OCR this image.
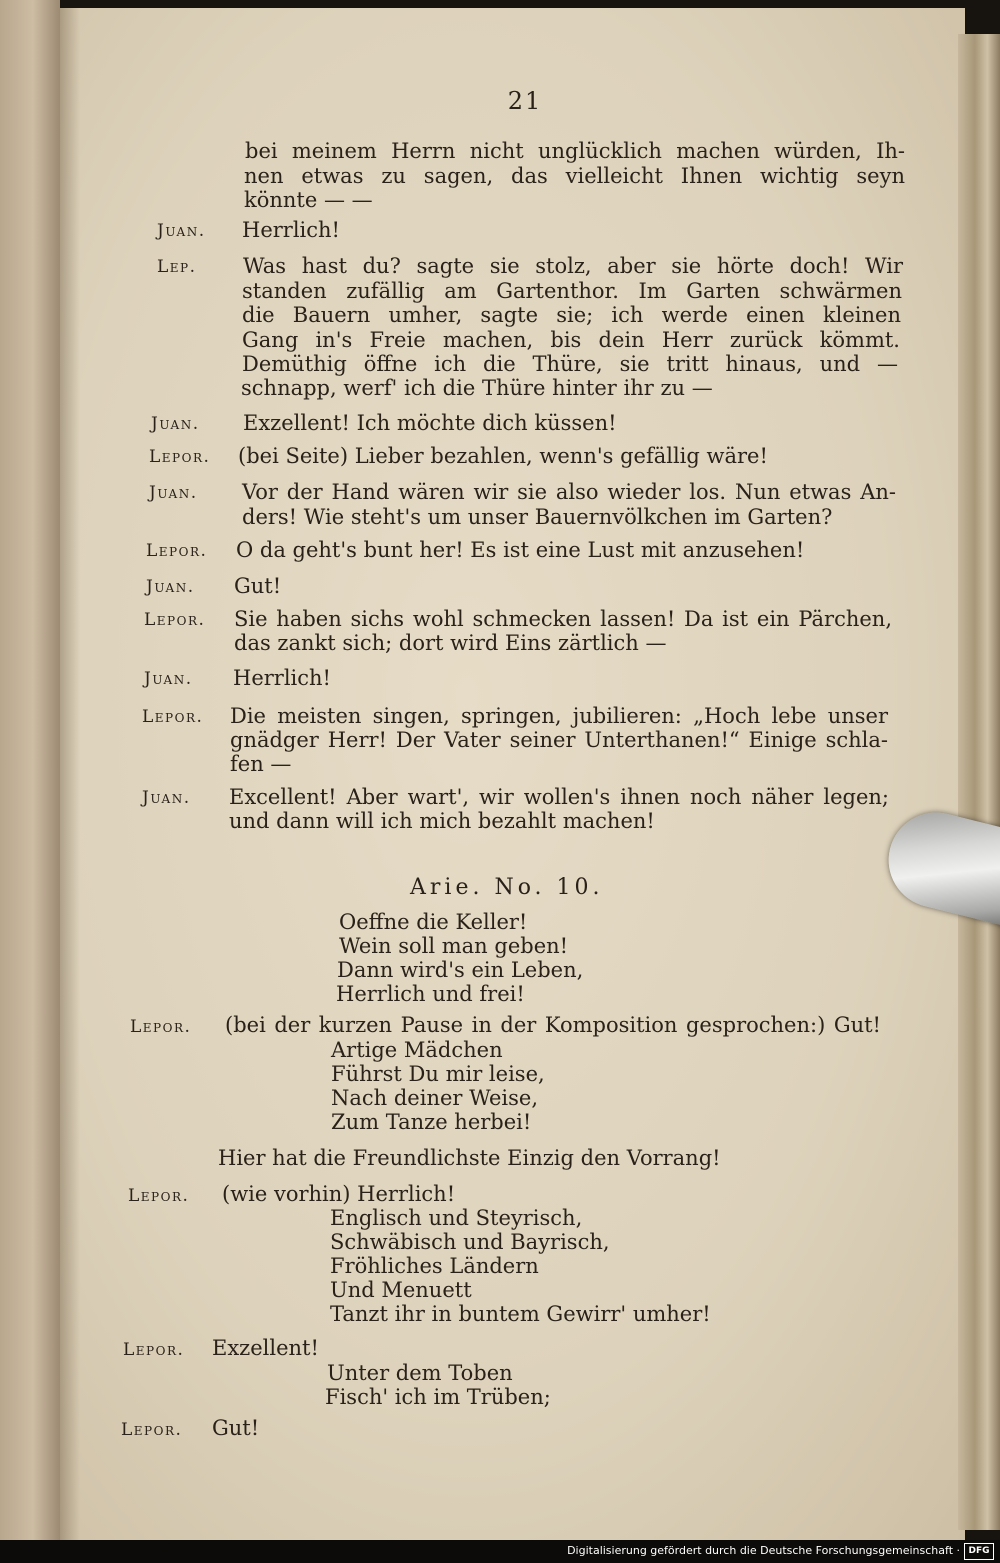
21
bei meinem Herrn nicht unglücklich machen würden, Ih-
nen etwas zu sagen, das vielleicht Ihnen wichtig seyn
könnte — —
Juan. Herrlich!
Lep. Was hast du? sagte sie stolz, aber sie hörte doch! Wir
standen zufällig am Gartenthor. Im Garten schwärmen
die Bauern umher, sagte sie; ich werde einen kleinen
Gang in's Freie machen, bis dein Herr zurück kömmt.
Demüthig öffne ich die Thüre, sie tritt hinaus, und —
schnapp, werf' ich die Thüre hinter ihr zu —
Juan. Exzellent! Ich möchte dich küssen!
Lepor. (bei Seite) Lieber bezahlen, wenn's gefällig wäre!
Juan. Vor der Hand wären wir sie also wieder los. Nun etwas An-
ders! Wie steht's um unser Bauernvölkchen im Garten?
Lepor. O da geht's bunt her! Es ist eine Lust mit anzusehen!
Juan. Gut!
Lepor. Sie haben sichs wohl schmecken lassen! Da ist ein Pärchen,
das zankt sich; dort wird Eins zärtlich —
Juan. Herrlich!
Lepor. Die meisten singen, springen, jubilieren: „Hoch lebe unser
gnädger Herr! Der Vater seiner Unterthanen!“ Einige schla-
fen —
Juan. Excellent! Aber wart', wir wollen's ihnen noch näher legen;
und dann will ich mich bezahlt machen!
Arie. No. 10.
Oeffne die Keller!
Wein soll man geben!
Dann wird's ein Leben,
Herrlich und frei!
Lepor. (bei der kurzen Pause in der Komposition gesprochen:) Gut!
Artige Mädchen
Führst Du mir leise,
Nach deiner Weise,
Zum Tanze herbei!
Hier hat die Freundlichste Einzig den Vorrang!
Lepor. (wie vorhin) Herrlich!
Englisch und Steyrisch,
Schwäbisch und Bayrisch,
Fröhliches Ländern
Und Menuett
Tanzt ihr in buntem Gewirr' umher!
Lepor. Exzellent!
Unter dem Toben
Fisch' ich im Trüben;
Lepor. Gut!
Digitalisierung gefördert durch die Deutsche Forschungsgemeinschaft · DFG
